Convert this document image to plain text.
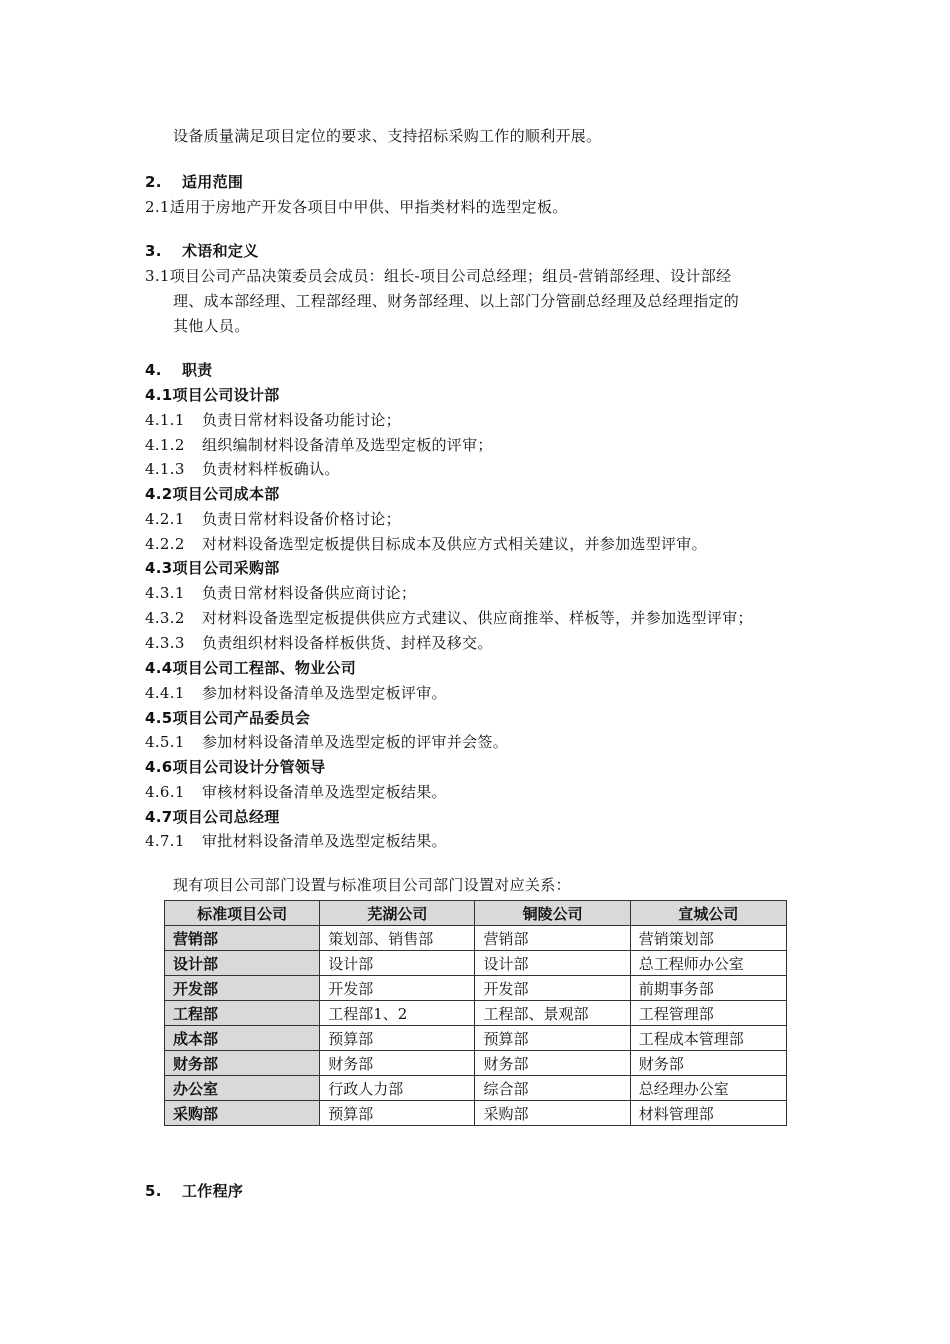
设备质量满足项目定位的要求、支持招标采购工作的顺利开展。
2. 适用范围
2.1适用于房地产开发各项目中甲供、甲指类材料的选型定板。
3. 术语和定义
3.1项目公司产品决策委员会成员：组长-项目公司总经理；组员-营销部经理、设计部经
理、成本部经理、工程部经理、财务部经理、以上部门分管副总经理及总经理指定的
其他人员。
4. 职责
4.1项目公司设计部
4.1.1 负责日常材料设备功能讨论；
4.1.2 组织编制材料设备清单及选型定板的评审；
4.1.3 负责材料样板确认。
4.2项目公司成本部
4.2.1 负责日常材料设备价格讨论；
4.2.2 对材料设备选型定板提供目标成本及供应方式相关建议，并参加选型评审。
4.3项目公司采购部
4.3.1 负责日常材料设备供应商讨论；
4.3.2 对材料设备选型定板提供供应方式建议、供应商推举、样板等，并参加选型评审；
4.3.3 负责组织材料设备样板供货、封样及移交。
4.4项目公司工程部、物业公司
4.4.1 参加材料设备清单及选型定板评审。
4.5项目公司产品委员会
4.5.1 参加材料设备清单及选型定板的评审并会签。
4.6项目公司设计分管领导
4.6.1 审核材料设备清单及选型定板结果。
4.7项目公司总经理
4.7.1 审批材料设备清单及选型定板结果。
现有项目公司部门设置与标准项目公司部门设置对应关系：
标准项目公司	芜湖公司	铜陵公司	宣城公司
营销部	策划部、销售部	营销部	营销策划部
设计部	设计部	设计部	总工程师办公室
开发部	开发部	开发部	前期事务部
工程部	工程部1、2	工程部、景观部	工程管理部
成本部	预算部	预算部	工程成本管理部
财务部	财务部	财务部	财务部
办公室	行政人力部	综合部	总经理办公室
采购部	预算部	采购部	材料管理部
5. 工作程序
